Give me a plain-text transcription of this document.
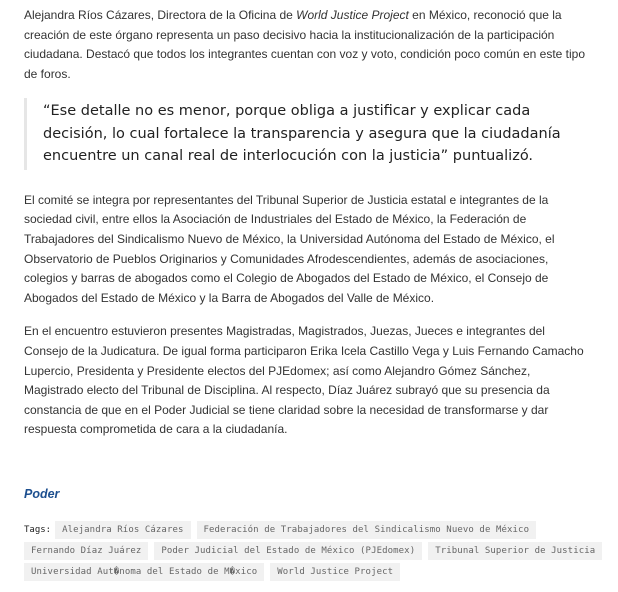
Alejandra Ríos Cázares, Directora de la Oficina de World Justice Project en México, reconoció que la creación de este órgano representa un paso decisivo hacia la institucionalización de la participación ciudadana. Destacó que todos los integrantes cuentan con voz y voto, condición poco común en este tipo de foros.

“Ese detalle no es menor, porque obliga a justificar y explicar cada decisión, lo cual fortalece la transparencia y asegura que la ciudadanía encuentre un canal real de interlocución con la justicia” puntualizó.

El comité se integra por representantes del Tribunal Superior de Justicia estatal e integrantes de la sociedad civil, entre ellos la Asociación de Industriales del Estado de México, la Federación de Trabajadores del Sindicalismo Nuevo de México, la Universidad Autónoma del Estado de México, el Observatorio de Pueblos Originarios y Comunidades Afrodescendientes, además de asociaciones, colegios y barras de abogados como el Colegio de Abogados del Estado de México, el Consejo de Abogados del Estado de México y la Barra de Abogados del Valle de México.

En el encuentro estuvieron presentes Magistradas, Magistrados, Juezas, Jueces e integrantes del Consejo de la Judicatura. De igual forma participaron Erika Icela Castillo Vega y Luis Fernando Camacho Lupercio, Presidenta y Presidente electos del PJEdomex; así como Alejandro Gómez Sánchez, Magistrado electo del Tribunal de Disciplina. Al respecto, Díaz Juárez subrayó que su presencia da constancia de que en el Poder Judicial se tiene claridad sobre la necesidad de transformarse y dar respuesta comprometida de cara a la ciudadanía.

Poder
Tags:	Alejandra Ríos Cázares	Federación de Trabajadores del Sindicalismo Nuevo de México
Fernando Díaz Juárez	Poder Judicial del Estado de México (PJEdomex)	Tribunal Superior de Justicia
Universidad Aut�noma del Estado de M�xico	World Justice Project
